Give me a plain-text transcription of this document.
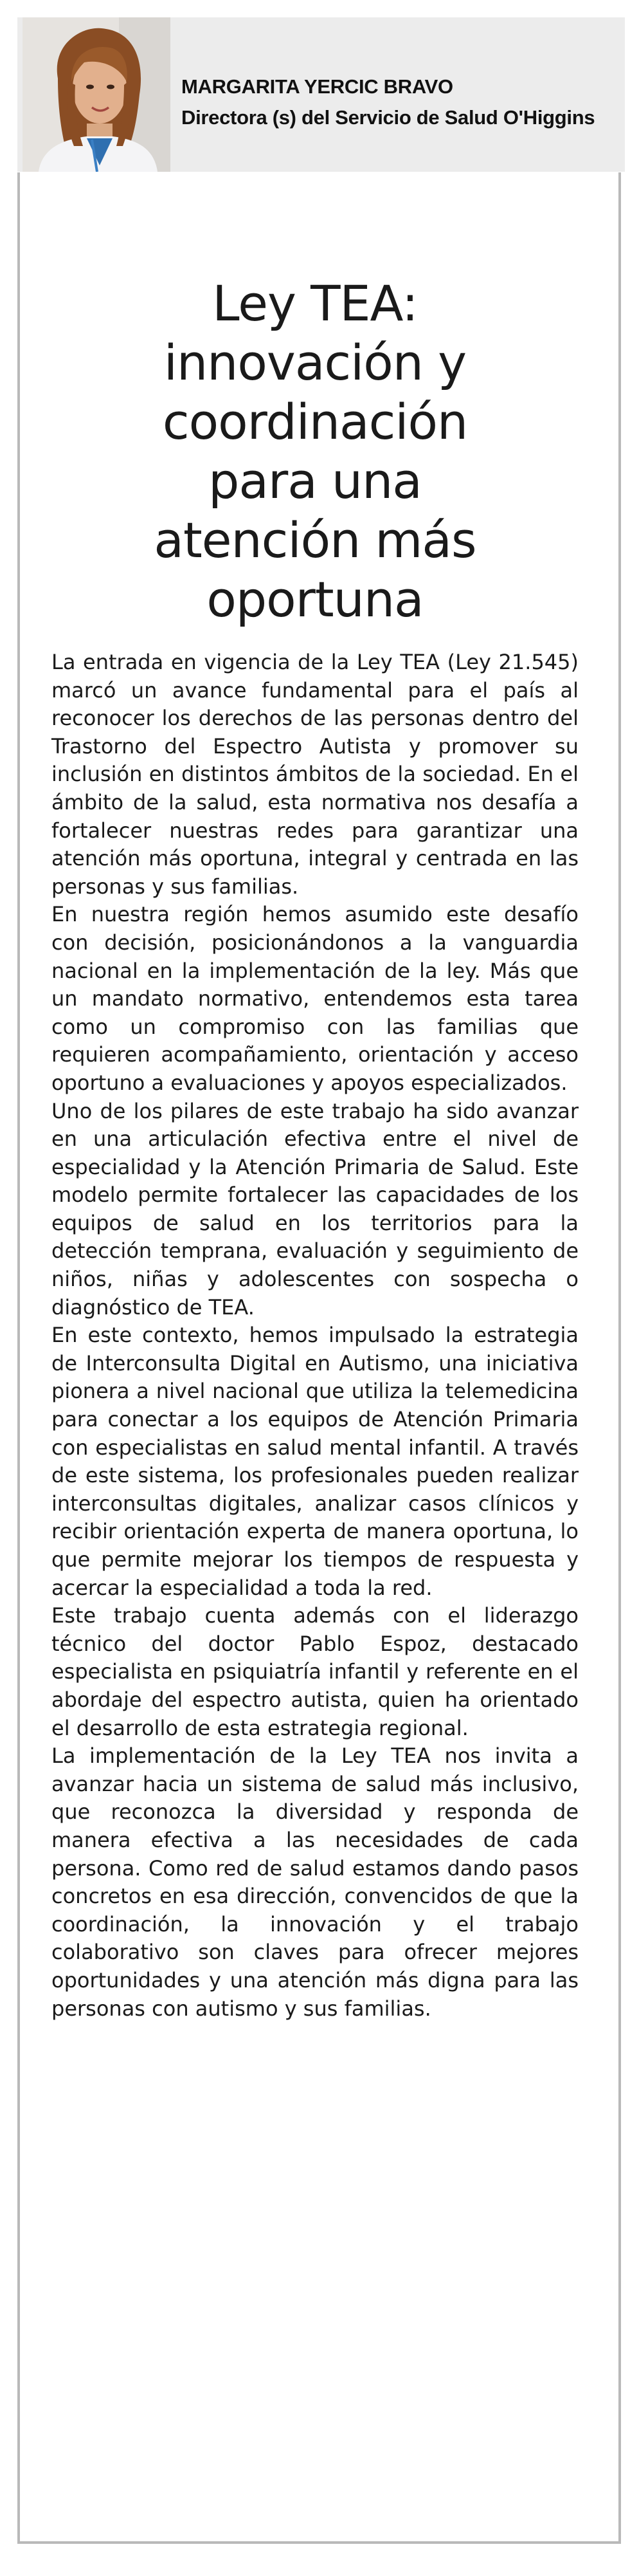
MARGARITA YERCIC BRAVO
Directora (s) del Servicio de Salud O'Higgins
Ley TEA:
innovación y
coordinación
para una
atención más
oportuna

La entrada en vigencia de la Ley TEA (Ley 21.545) marcó un avance fundamental para el país al reconocer los derechos de las personas dentro del Trastorno del Espectro Autista y promover su inclusión en distintos ámbitos de la sociedad. En el ámbito de la salud, esta normativa nos desafía a fortalecer nuestras redes para garantizar una atención más oportuna, integral y centrada en las personas y sus familias.

En nuestra región hemos asumido este desafío con decisión, posicionándonos a la vanguardia nacional en la implementación de la ley. Más que un mandato normativo, entendemos esta tarea como un compromiso con las familias que requieren acompañamiento, orientación y acceso oportuno a evaluaciones y apoyos especializados.

Uno de los pilares de este trabajo ha sido avanzar en una articulación efectiva entre el nivel de especialidad y la Atención Primaria de Salud. Este modelo permite fortalecer las capacidades de los equipos de salud en los territorios para la detección temprana, evaluación y seguimiento de niños, niñas y adolescentes con sospecha o diagnóstico de TEA.

En este contexto, hemos impulsado la estrategia de Interconsulta Digital en Autismo, una iniciativa pionera a nivel nacional que utiliza la telemedicina para conectar a los equipos de Atención Primaria con especialistas en salud mental infantil. A través de este sistema, los profesionales pueden realizar interconsultas digitales, analizar casos clínicos y recibir orientación experta de manera oportuna, lo que permite mejorar los tiempos de respuesta y acercar la especialidad a toda la red.

Este trabajo cuenta además con el liderazgo técnico del doctor Pablo Espoz, destacado especialista en psiquiatría infantil y referente en el abordaje del espectro autista, quien ha orientado el desarrollo de esta estrategia regional.

La implementación de la Ley TEA nos invita a avanzar hacia un sistema de salud más inclusivo, que reconozca la diversidad y responda de manera efectiva a las necesidades de cada persona. Como red de salud estamos dando pasos concretos en esa dirección, convencidos de que la coordinación, la innovación y el trabajo colaborativo son claves para ofrecer mejores oportunidades y una atención más digna para las personas con autismo y sus familias.
